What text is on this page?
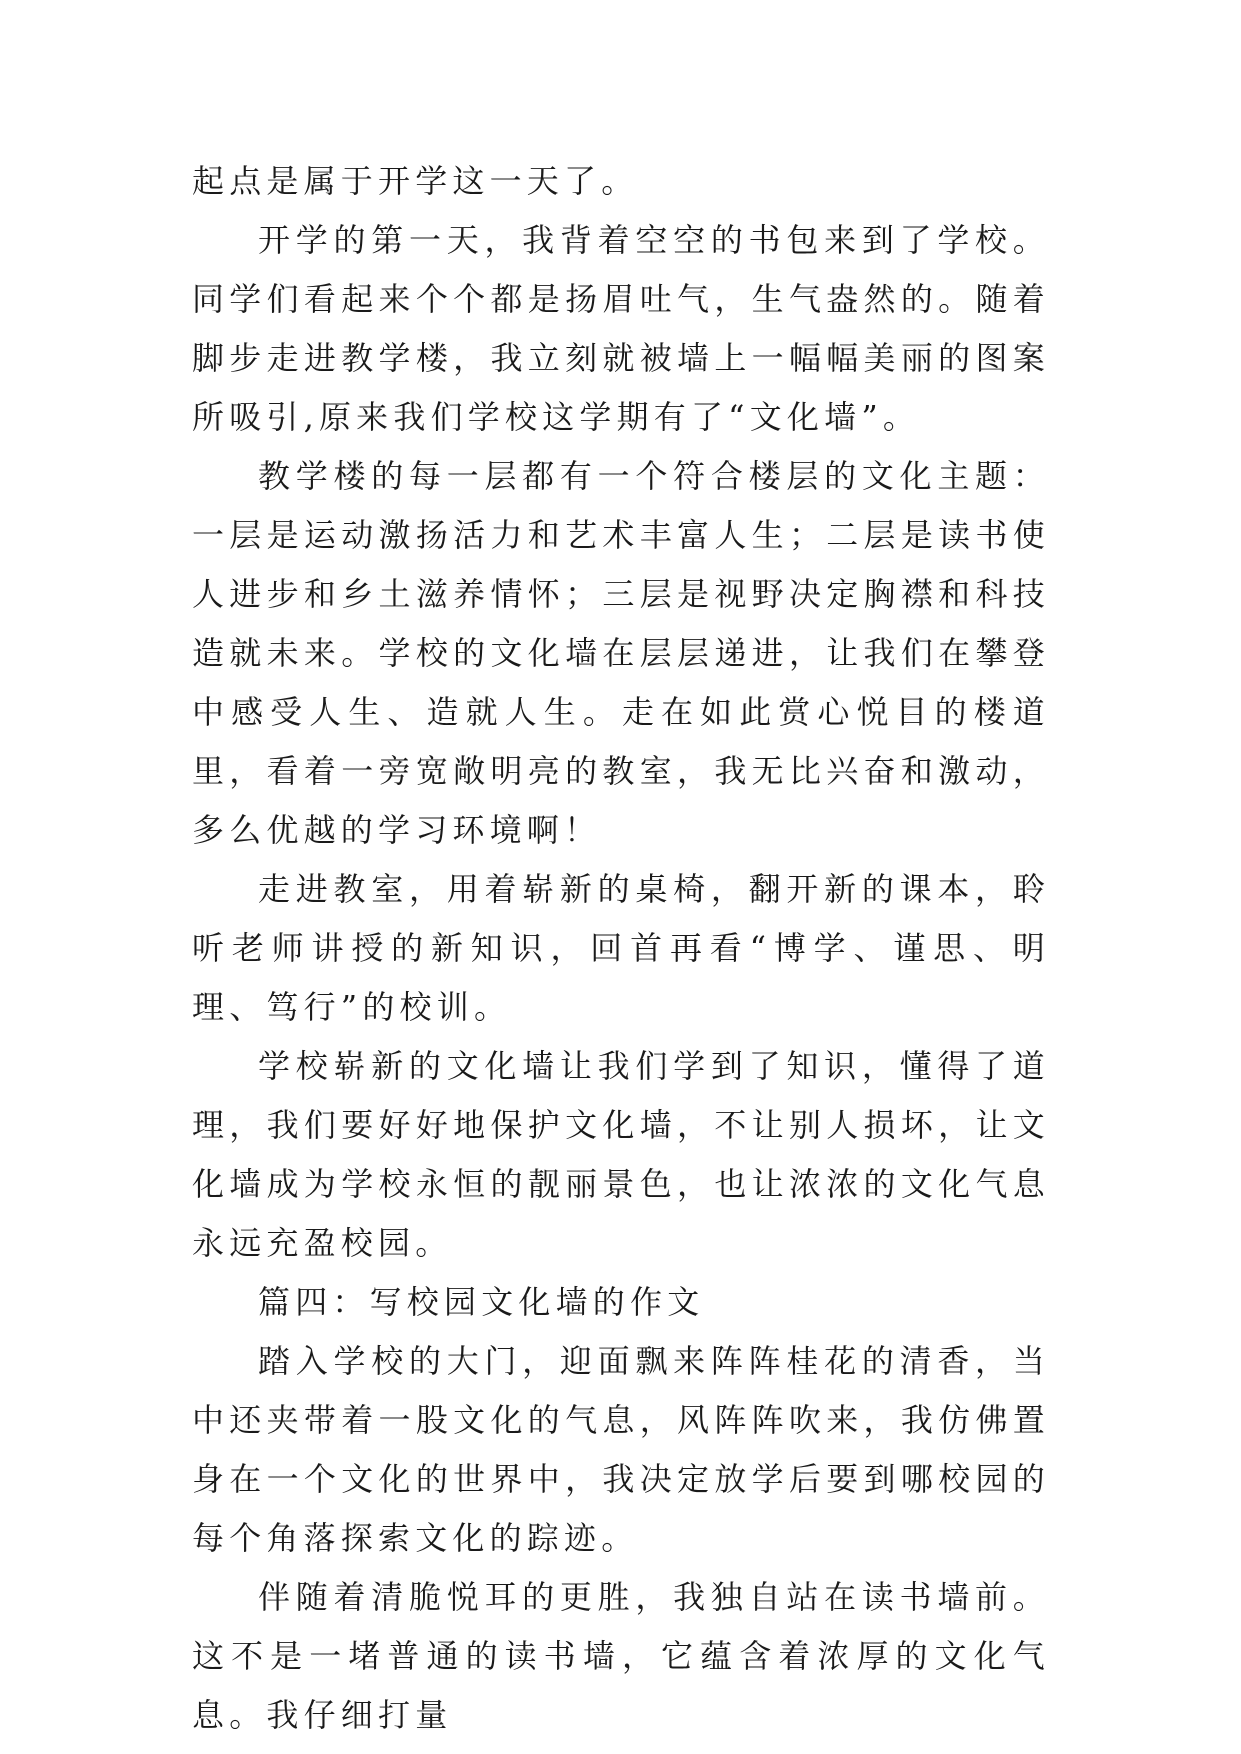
起点是属于开学这一天了。

开学的第一天，我背着空空的书包来到了学校。同学们看起来个个都是扬眉吐气，生气盎然的。随着脚步走进教学楼，我立刻就被墙上一幅幅美丽的图案所吸引,原来我们学校这学期有了“文化墙”。

教学楼的每一层都有一个符合楼层的文化主题：一层是运动激扬活力和艺术丰富人生；二层是读书使人进步和乡土滋养情怀；三层是视野决定胸襟和科技造就未来。学校的文化墙在层层递进，让我们在攀登中感受人生、造就人生。走在如此赏心悦目的楼道里，看着一旁宽敞明亮的教室，我无比兴奋和激动，多么优越的学习环境啊！

走进教室，用着崭新的桌椅，翻开新的课本，聆听老师讲授的新知识，回首再看“博学、谨思、明理、笃行”的校训。

学校崭新的文化墙让我们学到了知识，懂得了道理，我们要好好地保护文化墙，不让别人损坏，让文化墙成为学校永恒的靓丽景色，也让浓浓的文化气息永远充盈校园。

篇四：写校园文化墙的作文

踏入学校的大门，迎面飘来阵阵桂花的清香，当中还夹带着一股文化的气息，风阵阵吹来，我仿佛置身在一个文化的世界中，我决定放学后要到哪校园的每个角落探索文化的踪迹。

伴随着清脆悦耳的更胜，我独自站在读书墙前。这不是一堵普通的读书墙，它蕴含着浓厚的文化气息。我仔细打量
